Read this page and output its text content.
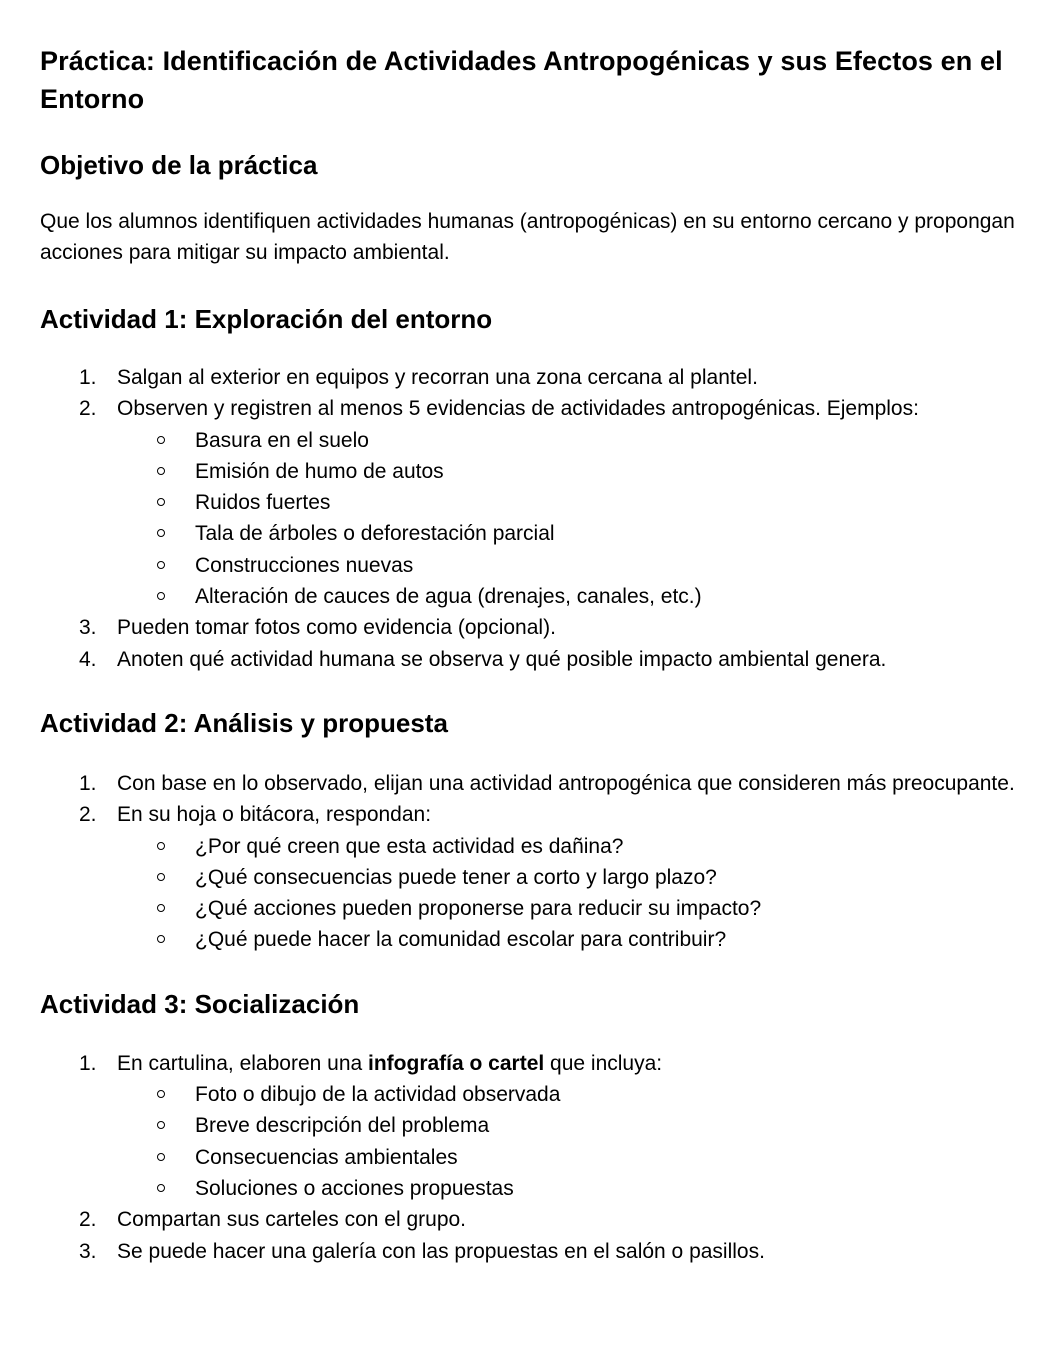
Práctica: Identificación de Actividades Antropogénicas y sus Efectos en el Entorno
Objetivo de la práctica

Que los alumnos identifiquen actividades humanas (antropogénicas) en su entorno cercano y propongan acciones para mitigar su impacto ambiental.

Actividad 1: Exploración del entorno
1. Salgan al exterior en equipos y recorran una zona cercana al plantel.
2. Observen y registren al menos 5 evidencias de actividades antropogénicas. Ejemplos:
Basura en el suelo
Emisión de humo de autos
Ruidos fuertes
Tala de árboles o deforestación parcial
Construcciones nuevas
Alteración de cauces de agua (drenajes, canales, etc.)
3. Pueden tomar fotos como evidencia (opcional).
4. Anoten qué actividad humana se observa y qué posible impacto ambiental genera.
Actividad 2: Análisis y propuesta
1. Con base en lo observado, elijan una actividad antropogénica que consideren más preocupante.
2. En su hoja o bitácora, respondan:
¿Por qué creen que esta actividad es dañina?
¿Qué consecuencias puede tener a corto y largo plazo?
¿Qué acciones pueden proponerse para reducir su impacto?
¿Qué puede hacer la comunidad escolar para contribuir?
Actividad 3: Socialización
1. En cartulina, elaboren una infografía o cartel que incluya:
Foto o dibujo de la actividad observada
Breve descripción del problema
Consecuencias ambientales
Soluciones o acciones propuestas
2. Compartan sus carteles con el grupo.
3. Se puede hacer una galería con las propuestas en el salón o pasillos.
